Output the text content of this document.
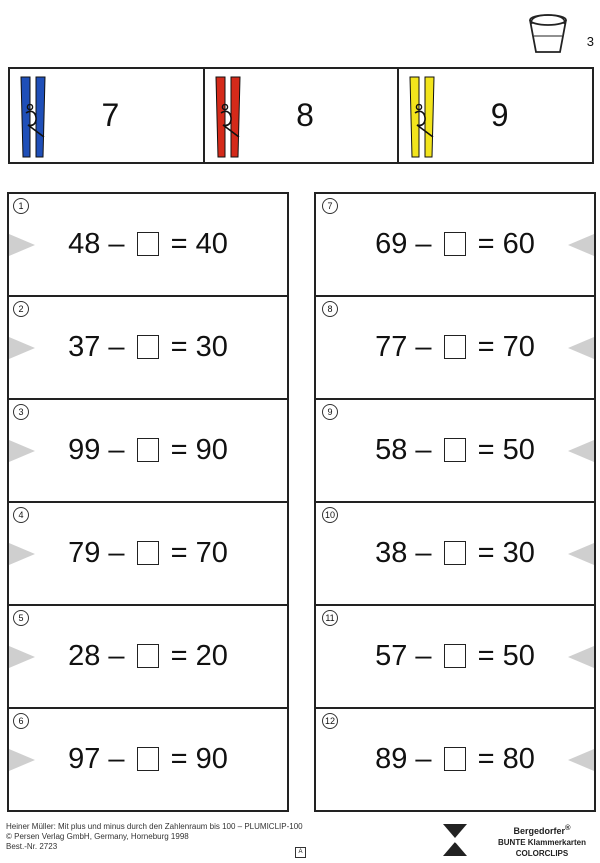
3
7	8	9
1
48 – = 40
2
37 – = 30
3
99 – = 90
4
79 – = 70
5
28 – = 20
6
97 – = 90
7
69 – = 60
8
77 – = 70
9
58 – = 50
10
38 – = 30
11
57 – = 50
12
89 – = 80
Heiner Müller: Mit plus und minus durch den Zahlenraum bis 100 – PLUMICLIP-100
© Persen Verlag GmbH, Germany, Horneburg 1998
Best.-Nr. 2723
A
Persen
Bergedorfer®
BUNTE Klammerkarten
COLORCLIPS
